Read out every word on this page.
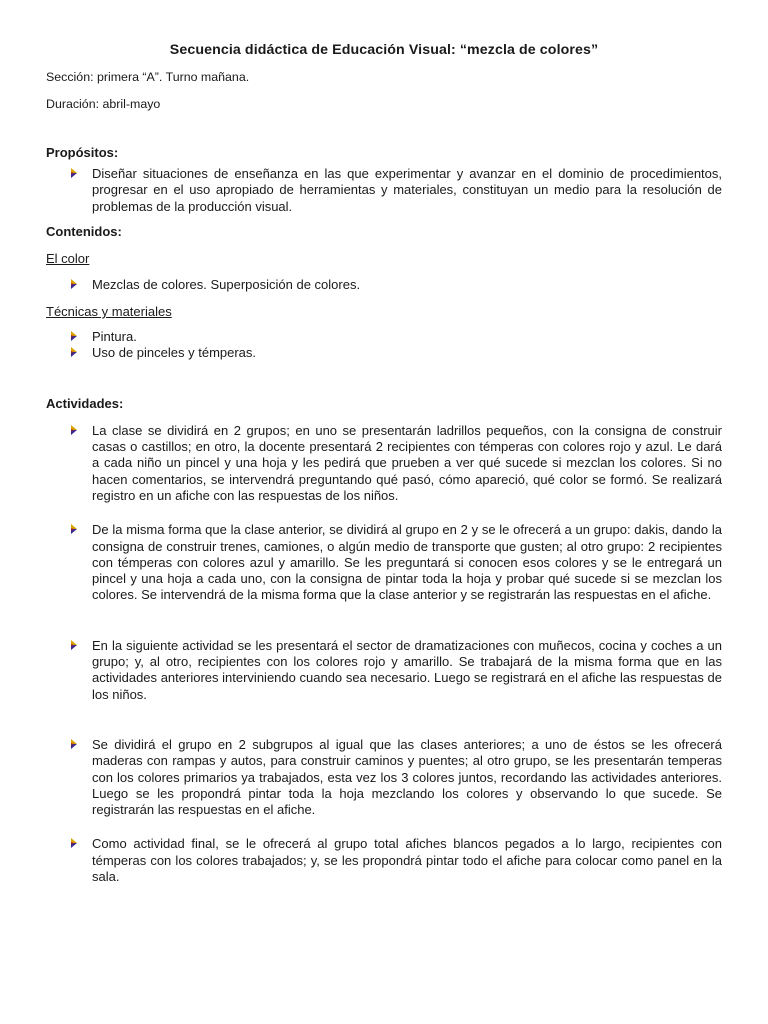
Secuencia didáctica de Educación Visual: “mezcla de colores”
Sección: primera “A”. Turno mañana.
Duración: abril-mayo
Propósitos:
Diseñar situaciones de enseñanza en las que experimentar y avanzar en el dominio de procedimientos, progresar en el uso apropiado de herramientas y materiales, constituyan un medio para la resolución de problemas de la producción visual.
Contenidos:
El color
Mezclas de colores. Superposición de colores.
Técnicas y materiales
Pintura.
Uso de pinceles y témperas.
Actividades:
La clase se dividirá en 2 grupos; en uno se presentarán ladrillos pequeños, con la consigna de construir casas o castillos; en otro, la docente presentará 2 recipientes con témperas con colores rojo y azul. Le dará a cada niño un pincel y una hoja y les pedirá que prueben a ver qué sucede si mezclan los colores. Si no hacen comentarios, se intervendrá preguntando qué pasó, cómo apareció, qué color se formó. Se realizará registro en un afiche con las respuestas de los niños.
De la misma forma que la clase anterior, se dividirá al grupo en 2 y se le ofrecerá a un grupo: dakis, dando la consigna de construir trenes, camiones, o algún medio de transporte que gusten; al otro grupo: 2 recipientes con témperas con colores azul y amarillo. Se les preguntará si conocen esos colores y se le entregará un pincel y una hoja a cada uno, con la consigna de pintar toda la hoja y probar qué sucede si se mezclan los colores. Se intervendrá de la misma forma que la clase anterior y se registrarán las respuestas en el afiche.
En la siguiente actividad se les presentará el sector de dramatizaciones con muñecos, cocina y coches a un grupo; y, al otro, recipientes con los colores rojo y amarillo. Se trabajará de la misma forma que en las actividades anteriores interviniendo cuando sea necesario. Luego se registrará en el afiche las respuestas de los niños.
Se dividirá el grupo en 2 subgrupos al igual que las clases anteriores; a uno de éstos se les ofrecerá maderas con rampas y autos, para construir caminos y puentes; al otro grupo, se les presentarán temperas con los colores primarios ya trabajados, esta vez los 3 colores juntos, recordando las actividades anteriores. Luego se les propondrá pintar toda la hoja mezclando los colores y observando lo que sucede. Se registrarán las respuestas en el afiche.
Como actividad final, se le ofrecerá al grupo total afiches blancos pegados a lo largo, recipientes con témperas con los colores trabajados; y, se les propondrá pintar todo el afiche para colocar como panel en la sala.
